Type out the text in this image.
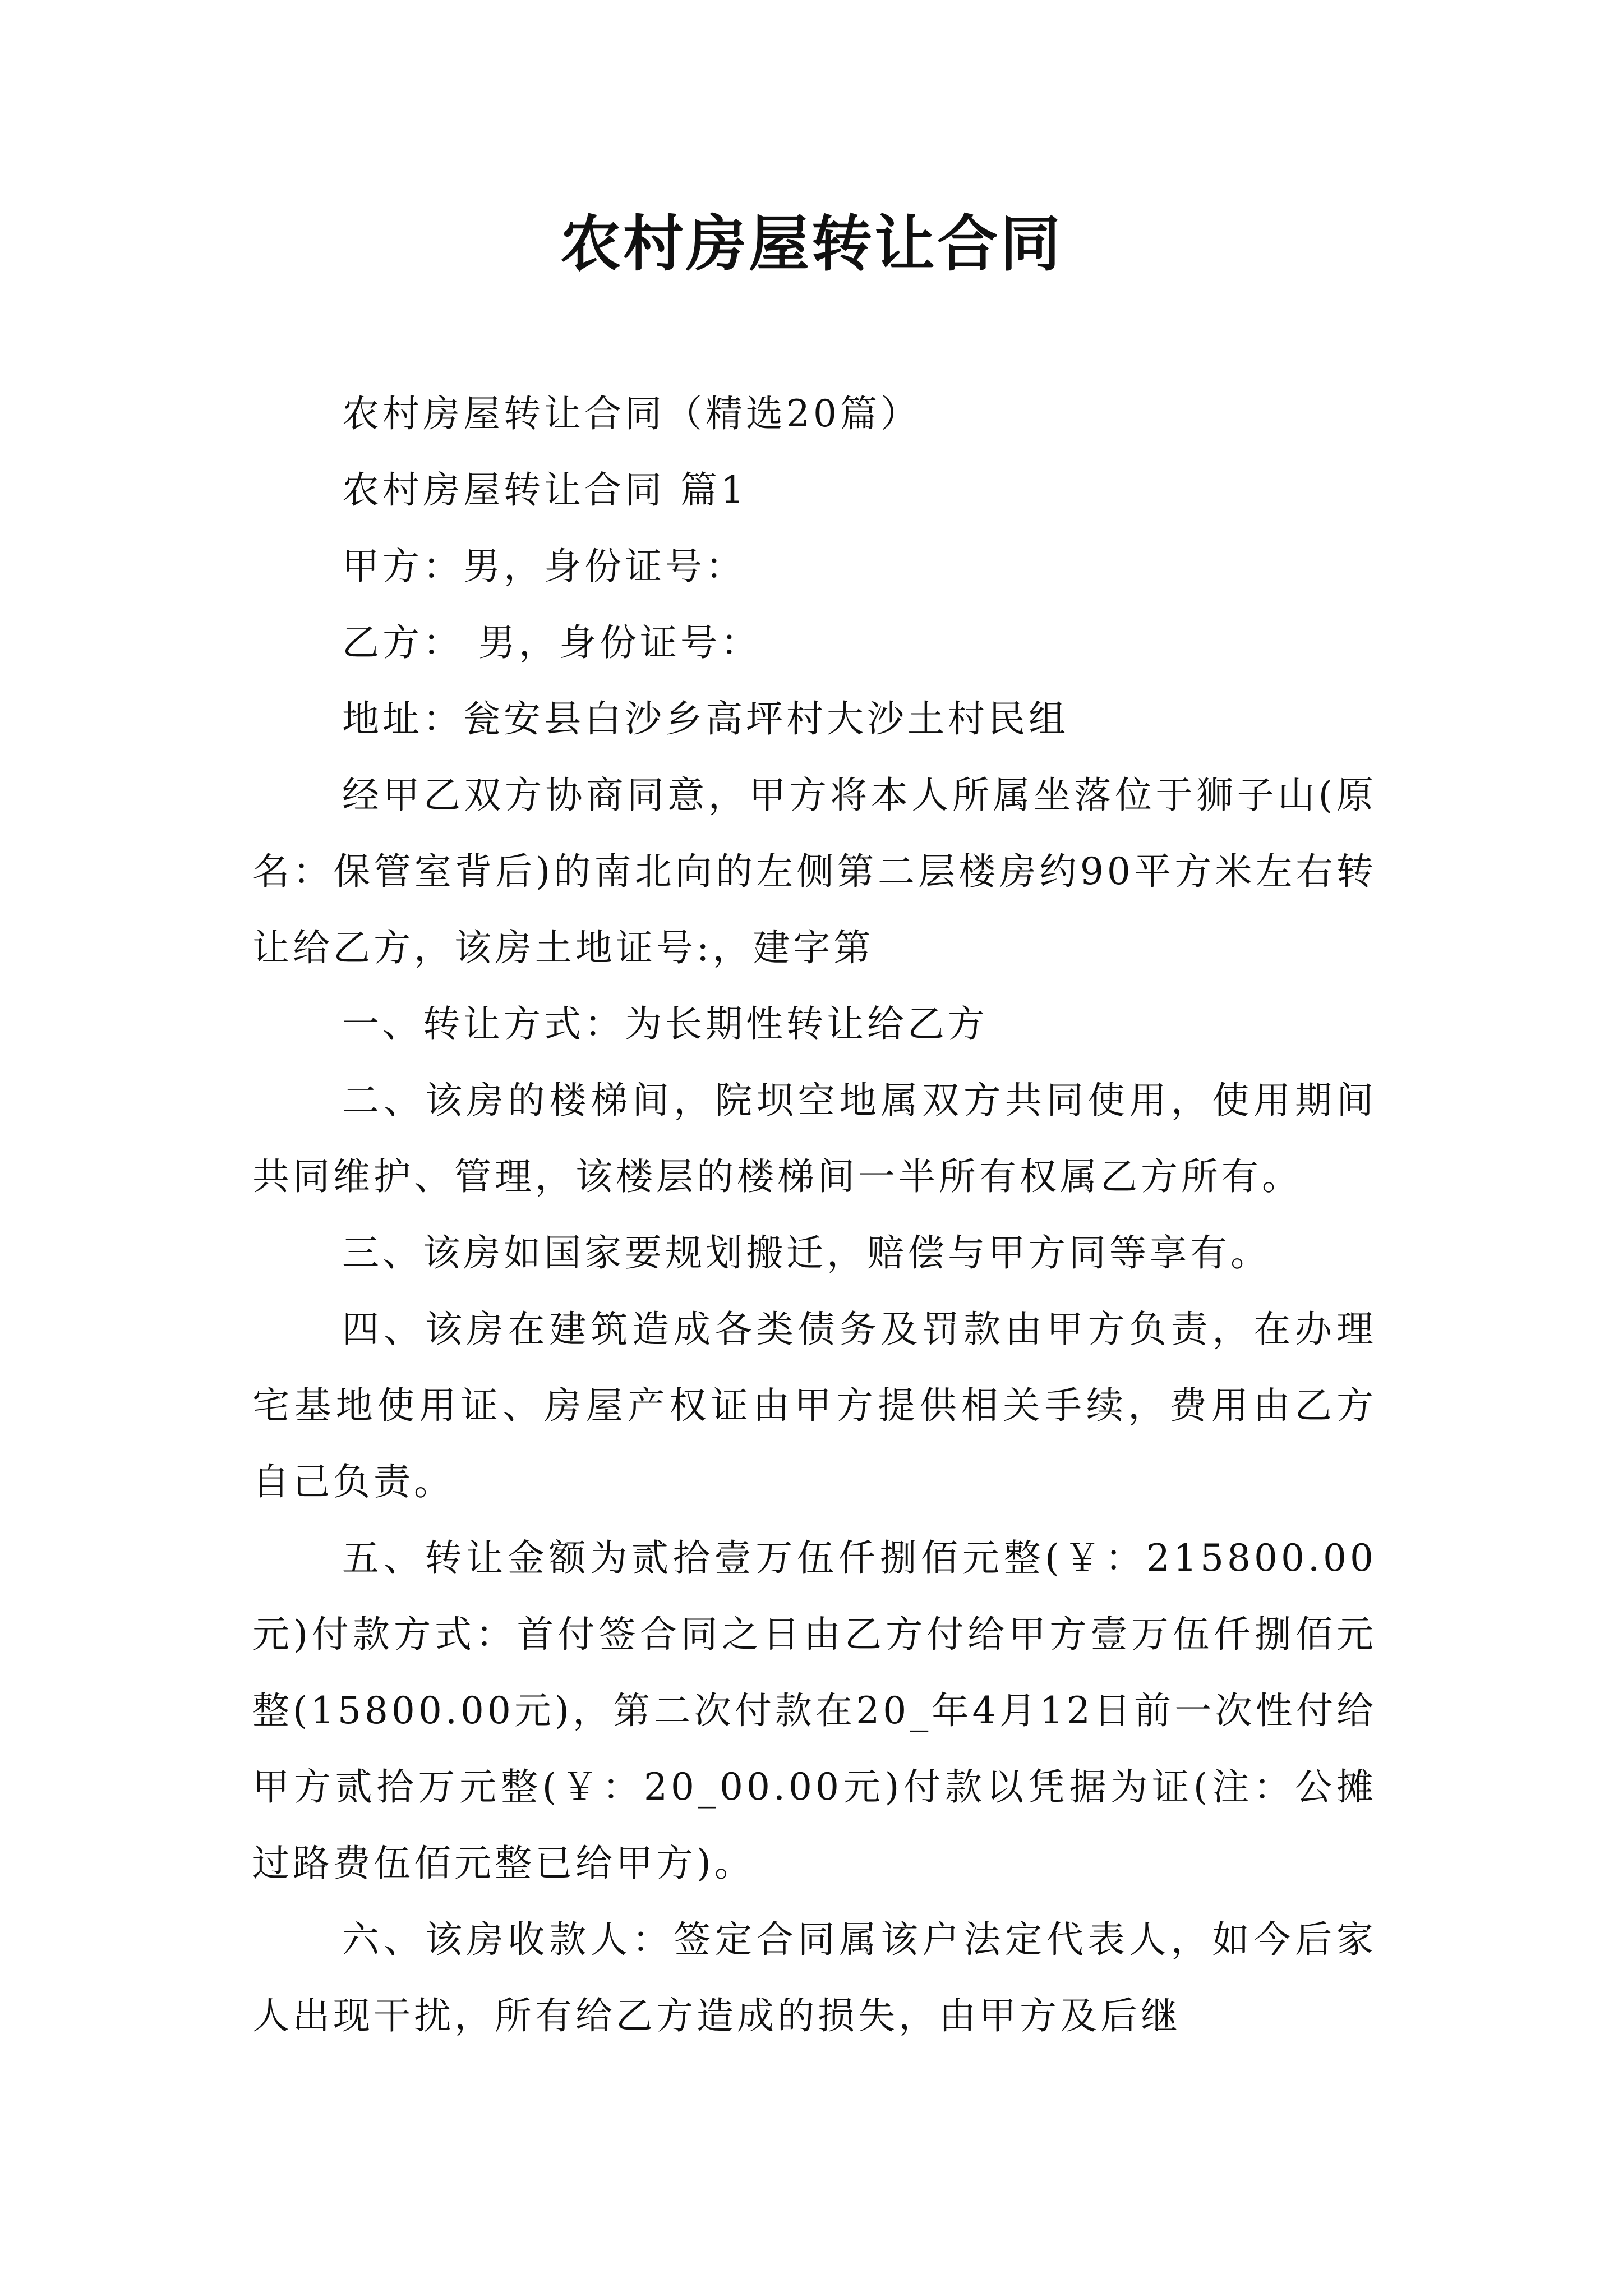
农村房屋转让合同

农村房屋转让合同（精选20篇）

农村房屋转让合同 篇1

甲方：男，身份证号：

乙方： 男，身份证号：

地址：瓮安县白沙乡高坪村大沙土村民组

经甲乙双方协商同意，甲方将本人所属坐落位于狮子山(原名：保管室背后)的南北向的左侧第二层楼房约90平方米左右转让给乙方，该房土地证号:，建字第

一、转让方式：为长期性转让给乙方

二、该房的楼梯间，院坝空地属双方共同使用，使用期间共同维护、管理，该楼层的楼梯间一半所有权属乙方所有。

三、该房如国家要规划搬迁，赔偿与甲方同等享有。

四、该房在建筑造成各类债务及罚款由甲方负责，在办理宅基地使用证、房屋产权证由甲方提供相关手续，费用由乙方自己负责。

五、转让金额为贰拾壹万伍仟捌佰元整(￥：215800.00元)付款方式：首付签合同之日由乙方付给甲方壹万伍仟捌佰元整(15800.00元)，第二次付款在20_年4月12日前一次性付给甲方贰拾万元整(￥：20_00.00元)付款以凭据为证(注：公摊过路费伍佰元整已给甲方)。

六、该房收款人：签定合同属该户法定代表人，如今后家人出现干扰，所有给乙方造成的损失，由甲方及后继
